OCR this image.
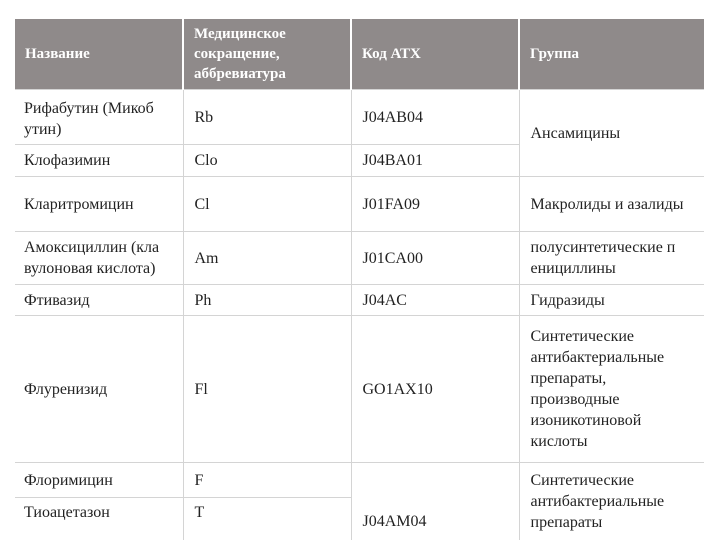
Название	Медицинское сокращение, аббревиатура	Код АТХ	Группа
Рифабутин (Микоб утин)	Rb	J04AB04	Ансамицины
Клофазимин	Clo	J04BA01	
Кларитромицин	Cl	J01FA09	Макролиды и азалиды
Амоксициллин (кла вулоновая кислота)	Am	J01CA00	полусинтетические п енициллины
Фтивазид	Ph	J04AC	Гидразиды
Флуренизид	Fl	GO1AX10	Синтетические антибактериальные препараты, производные изоникотиновой кислоты
Флоримицин	F	J04AM04	Синтетические антибактериальные препараты
Тиоацетазон	T		
